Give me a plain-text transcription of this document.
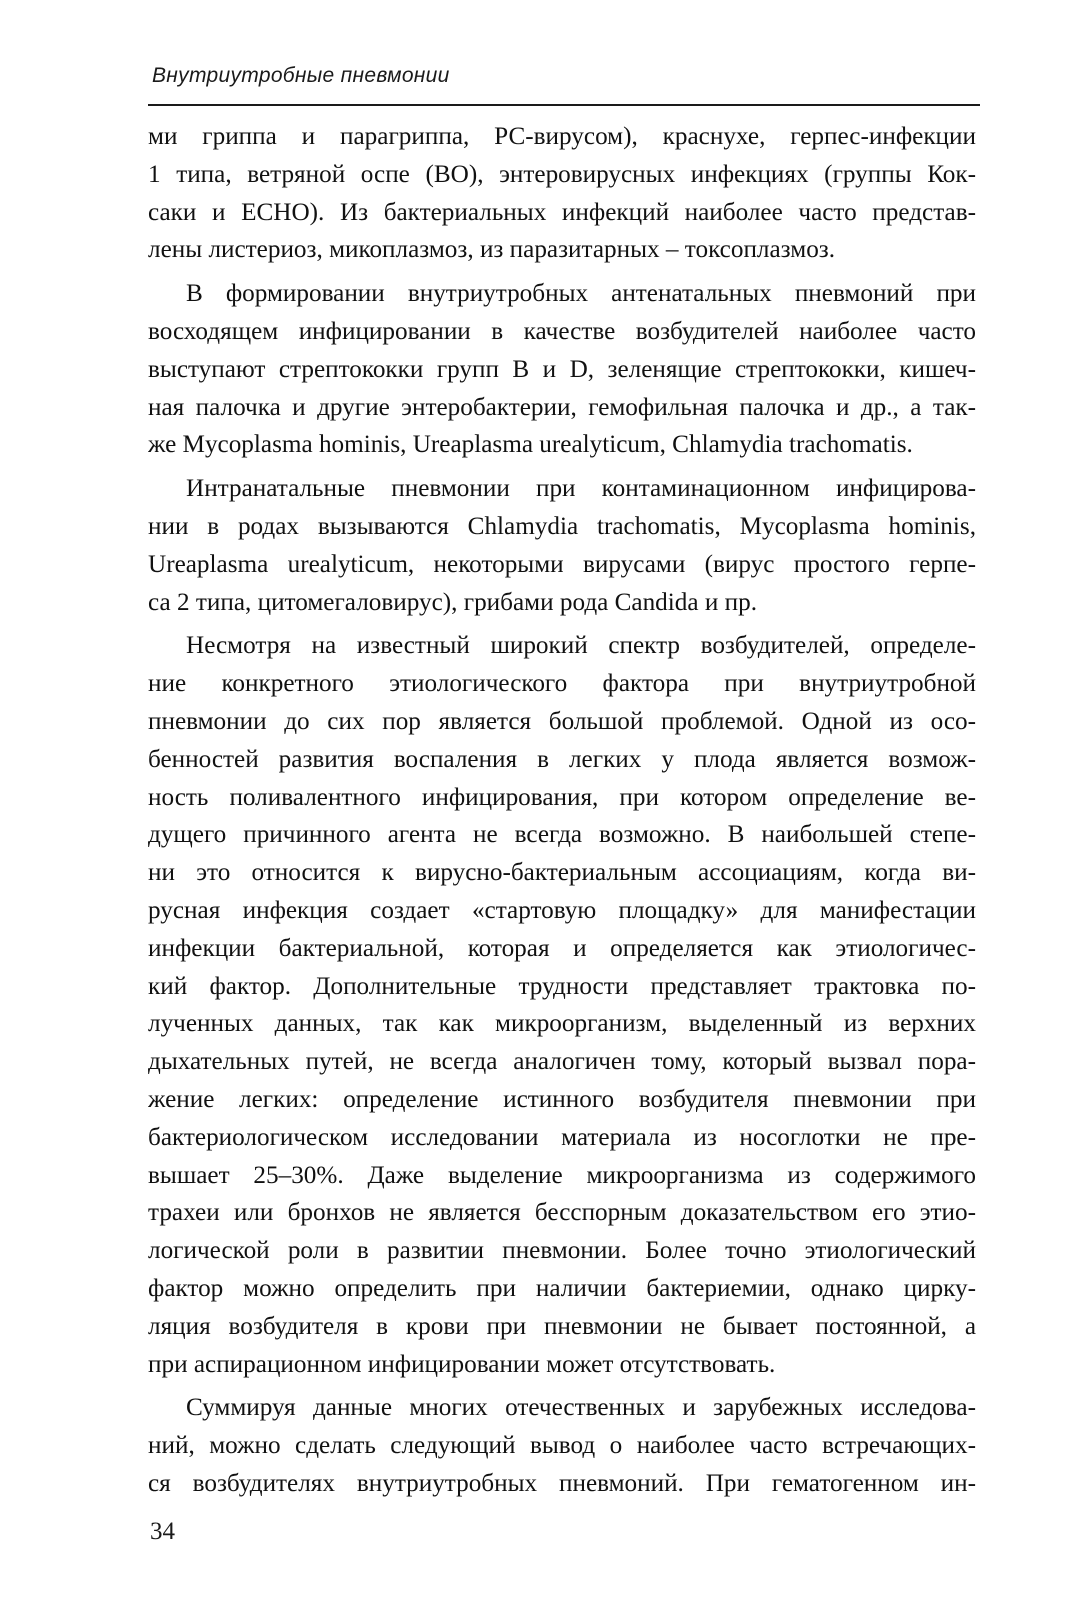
Внутриутробные пневмонии
ми гриппа и парагриппа, РС-вирусом), краснухе, герпес-инфекции
1 типа, ветряной оспе (ВО), энтеровирусных инфекциях (группы Кок-
саки и ЕСНО). Из бактериальных инфекций наиболее часто представ-
лены листериоз, микоплазмоз, из паразитарных – токсоплазмоз.
В формировании внутриутробных антенатальных пневмоний при
восходящем инфицировании в качестве возбудителей наиболее часто
выступают стрептококки групп В и D, зеленящие стрептококки, кишеч-
ная палочка и другие энтеробактерии, гемофильная палочка и др., а так-
же Mycoplasma hominis, Ureaplasma urealyticum, Chlamydia trachomatis.
Интранатальные пневмонии при контаминационном инфицирова-
нии в родах вызываются Chlamydia trachomatis, Mycoplasma hominis,
Ureaplasma urealyticum, некоторыми вирусами (вирус простого герпе-
са 2 типа, цитомегаловирус), грибами рода Candida и пр.
Несмотря на известный широкий спектр возбудителей, определе-
ние конкретного этиологического фактора при внутриутробной
пневмонии до сих пор является большой проблемой. Одной из осо-
бенностей развития воспаления в легких у плода является возмож-
ность поливалентного инфицирования, при котором определение ве-
дущего причинного агента не всегда возможно. В наибольшей степе-
ни это относится к вирусно-бактериальным ассоциациям, когда ви-
русная инфекция создает «стартовую площадку» для манифестации
инфекции бактериальной, которая и определяется как этиологичес-
кий фактор. Дополнительные трудности представляет трактовка по-
лученных данных, так как микроорганизм, выделенный из верхних
дыхательных путей, не всегда аналогичен тому, который вызвал пора-
жение легких: определение истинного возбудителя пневмонии при
бактериологическом исследовании материала из носоглотки не пре-
вышает 25–30%. Даже выделение микроорганизма из содержимого
трахеи или бронхов не является бесспорным доказательством его этио-
логической роли в развитии пневмонии. Более точно этиологический
фактор можно определить при наличии бактериемии, однако цирку-
ляция возбудителя в крови при пневмонии не бывает постоянной, а
при аспирационном инфицировании может отсутствовать.
Суммируя данные многих отечественных и зарубежных исследова-
ний, можно сделать следующий вывод о наиболее часто встречающих-
ся возбудителях внутриутробных пневмоний. При гематогенном ин-
34
